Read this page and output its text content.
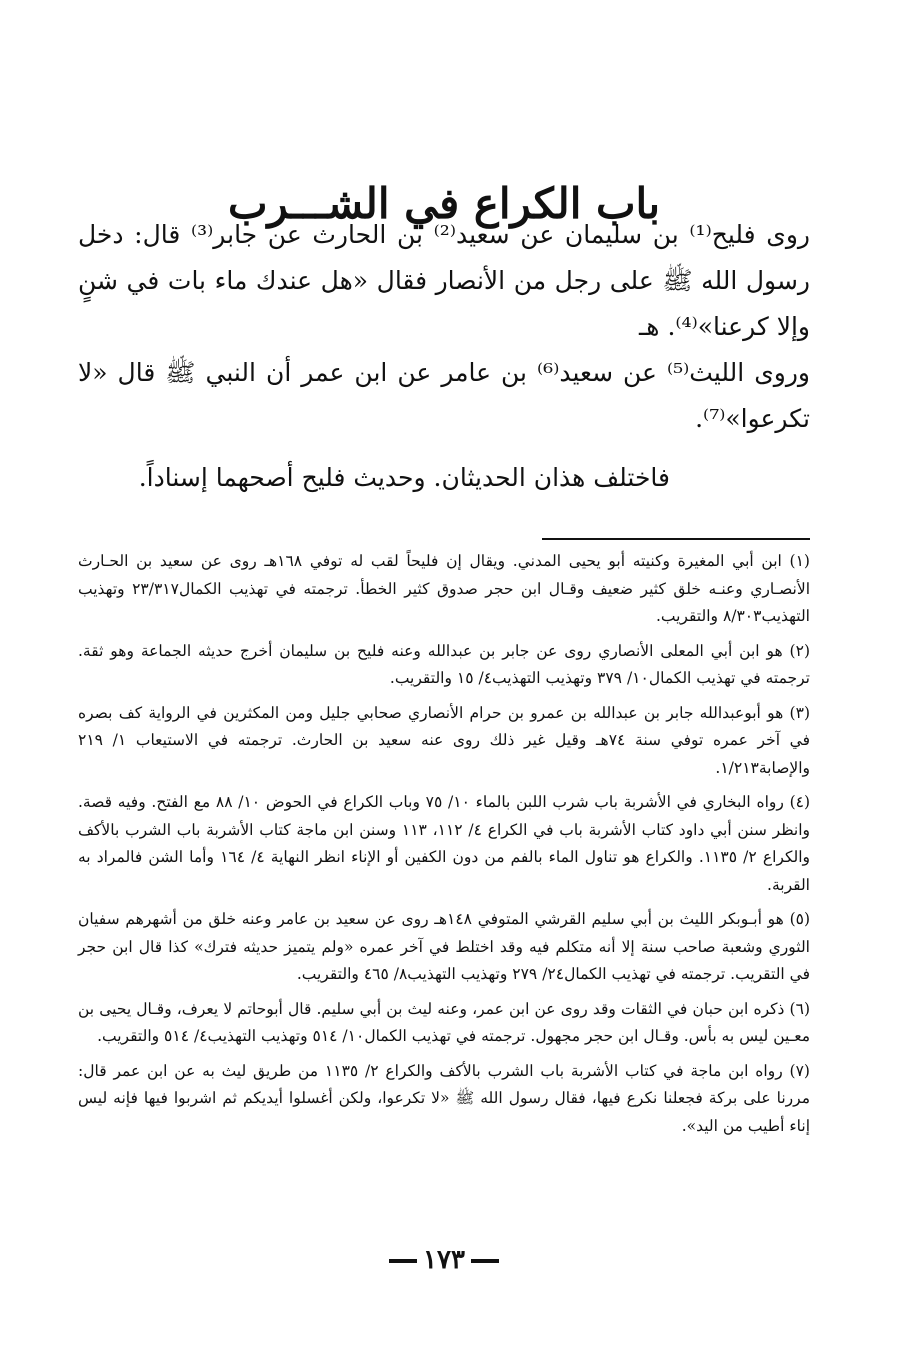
باب الكراع في الشـــرب

روى فليح⁽¹⁾ بن سليمان عن سعيد⁽²⁾ بن الحارث عن جابر⁽³⁾ قال: دخل رسول الله ﷺ على رجل من الأنصار فقال «هل عندك ماء بات في شنٍ وإلا كرعنا»⁽⁴⁾. هـ

وروى الليث⁽⁵⁾ عن سعيد⁽⁶⁾ بن عامر عن ابن عمر أن النبي ﷺ قال «لا تكرعوا»⁽⁷⁾.

فاختلف هذان الحديثان. وحديث فليح أصحهما إسناداً.

(١) ابن أبي المغيرة وكنيته أبو يحيى المدني. ويقال إن فليحاً لقب له توفي ١٦٨هـ روى عن سعيد بن الحـارث الأنصـاري وعنـه خلق كثير ضعيف وقـال ابن حجر صدوق كثير الخطأ. ترجمته في تهذيب الكمال٢٣/٣١٧ وتهذيب التهذيب٨/٣٠٣ والتقريب.

(٢) هو ابن أبي المعلى الأنصاري روى عن جابر بن عبدالله وعنه فليح بن سليمان أخرج حديثه الجماعة وهو ثقة. ترجمته في تهذيب الكمال١٠/ ٣٧٩ وتهذيب التهذيب٤/ ١٥ والتقريب.

(٣) هو أبوعبدالله جابر بن عبدالله بن عمرو بن حرام الأنصاري صحابي جليل ومن المكثرين في الرواية كف بصره في آخر عمره توفي سنة ٧٤هـ وقيل غير ذلك روى عنه سعيد بن الحارث. ترجمته في الاستيعاب ١/ ٢١٩ والإصابة١/٢١٣.

(٤) رواه البخاري في الأشربة باب شرب اللبن بالماء ١٠/ ٧٥ وباب الكراع في الحوض ١٠/ ٨٨ مع الفتح. وفيه قصة. وانظر سنن أبي داود كتاب الأشربة باب في الكراع ٤/ ١١٢، ١١٣ وسنن ابن ماجة كتاب الأشربة باب الشرب بالأكف والكراع ٢/ ١١٣٥. والكراع هو تناول الماء بالفم من دون الكفين أو الإناء انظر النهاية ٤/ ١٦٤ وأما الشن فالمراد به القربة.

(٥) هو أبـوبكر الليث بن أبي سليم القرشي المتوفي ١٤٨هـ روى عن سعيد بن عامر وعنه خلق من أشهرهم سفيان الثوري وشعبة صاحب سنة إلا أنه متكلم فيه وقد اختلط في آخر عمره «ولم يتميز حديثه فترك» كذا قال ابن حجر في التقريب. ترجمته في تهذيب الكمال٢٤/ ٢٧٩ وتهذيب التهذيب٨/ ٤٦٥ والتقريب.

(٦) ذكره ابن حبان في الثقات وقد روى عن ابن عمر، وعنه ليث بن أبي سليم. قال أبوحاتم لا يعرف، وقـال يحيى بن معـين ليس به بأس. وقـال ابن حجر مجهول. ترجمته في تهذيب الكمال١٠/ ٥١٤ وتهذيب التهذيب٤/ ٥١٤ والتقريب.

(٧) رواه ابن ماجة في كتاب الأشربة باب الشرب بالأكف والكراع ٢/ ١١٣٥ من طريق ليث به عن ابن عمر قال: مررنا على بركة فجعلنا نكرع فيها، فقال رسول الله ﷺ «لا تكرعوا، ولكن أغسلوا أيديكم ثم اشربوا فيها فإنه ليس إناء أطيب من اليد».

١٧٣
